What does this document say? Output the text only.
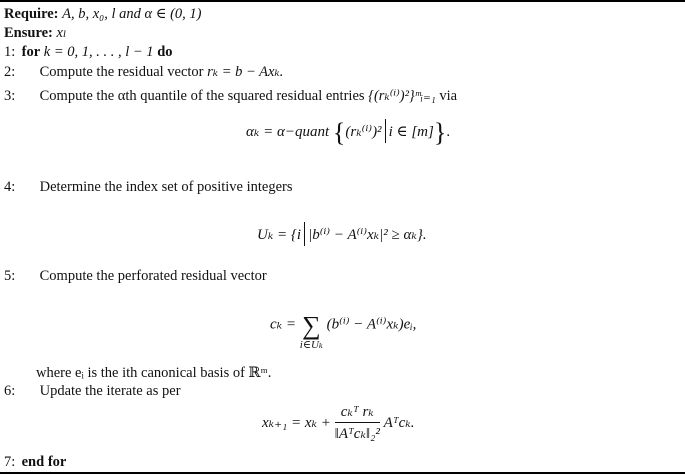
Require: A, b, x₀, l and α ∈ (0, 1)
Ensure: xₗ
1: for k = 0, 1, . . . , l − 1 do
2: Compute the residual vector rₖ = b − Axₖ.
3: Compute the αth quantile of the squared residual entries {(rₖ⁽ⁱ⁾)²}ᵐᵢ₌₁ via
αₖ = α−quant {(rₖ⁽ⁱ⁾)² i ∈ [m]}.
4: Determine the index set of positive integers
Uₖ = {i |b⁽ⁱ⁾ − A⁽ⁱ⁾xₖ|² ≥ αₖ}.
5: Compute the perforated residual vector
cₖ = ∑
i∈Uₖ
(b⁽ⁱ⁾ − A⁽ⁱ⁾xₖ)eᵢ,
where eᵢ is the ith canonical basis of ℝᵐ.
6: Update the iterate as per
$x_{k+1} = x_k + \frac{\text{cₖᵀ rₖ}}{\text{‖Aᵀcₖ‖₂²}}$ Aᵀcₖ.
7: end for
